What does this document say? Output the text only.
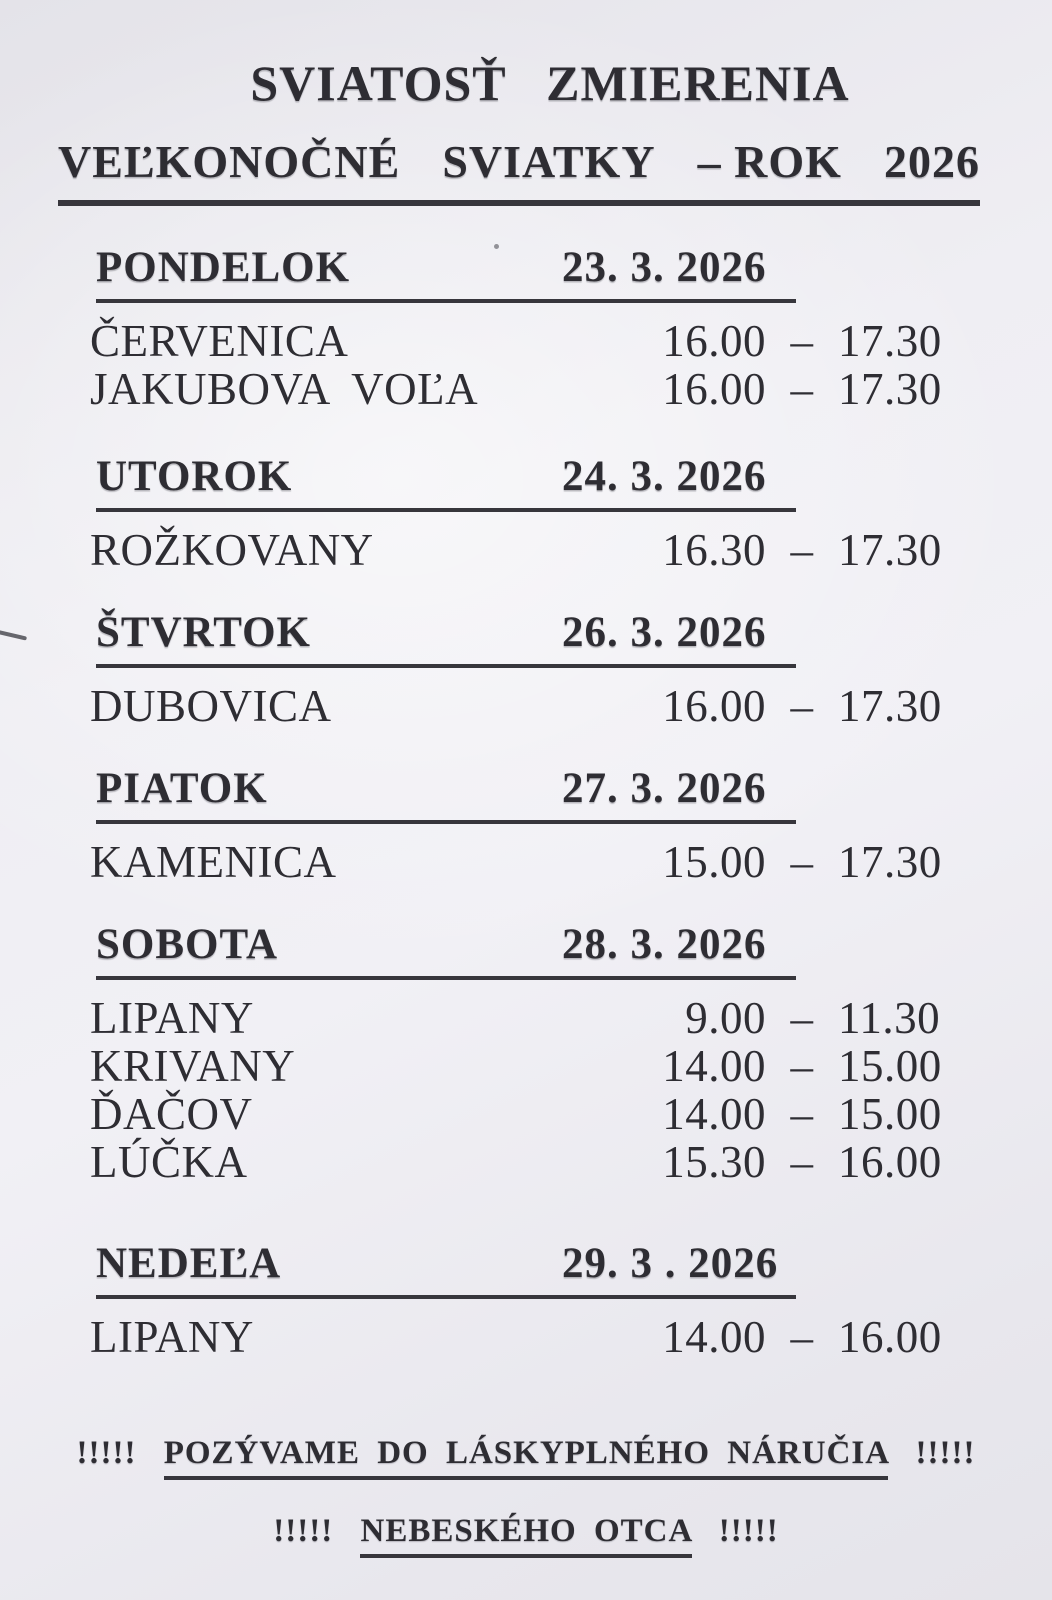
SVIATOSŤ ZMIERENIA
VEĽKONOČNÉ SVIATKY – ROK 2026
PONDELOK	23. 3. 2026
ČERVENICA	16.00 – 17.30
JAKUBOVA VOĽA	16.00 – 17.30
UTOROK	24. 3. 2026
ROŽKOVANY	16.30 – 17.30
ŠTVRTOK	26. 3. 2026
DUBOVICA	16.00 – 17.30
PIATOK	27. 3. 2026
KAMENICA	15.00 – 17.30
SOBOTA	28. 3. 2026
LIPANY	9.00 – 11.30
KRIVANY	14.00 – 15.00
ĎAČOV	14.00 – 15.00
LÚČKA	15.30 – 16.00
NEDEĽA	29. 3 . 2026
LIPANY	14.00 – 16.00
!!!!! POZÝVAME DO LÁSKYPLNÉHO NÁRUČIA !!!!!
!!!!! NEBESKÉHO OTCA !!!!!
